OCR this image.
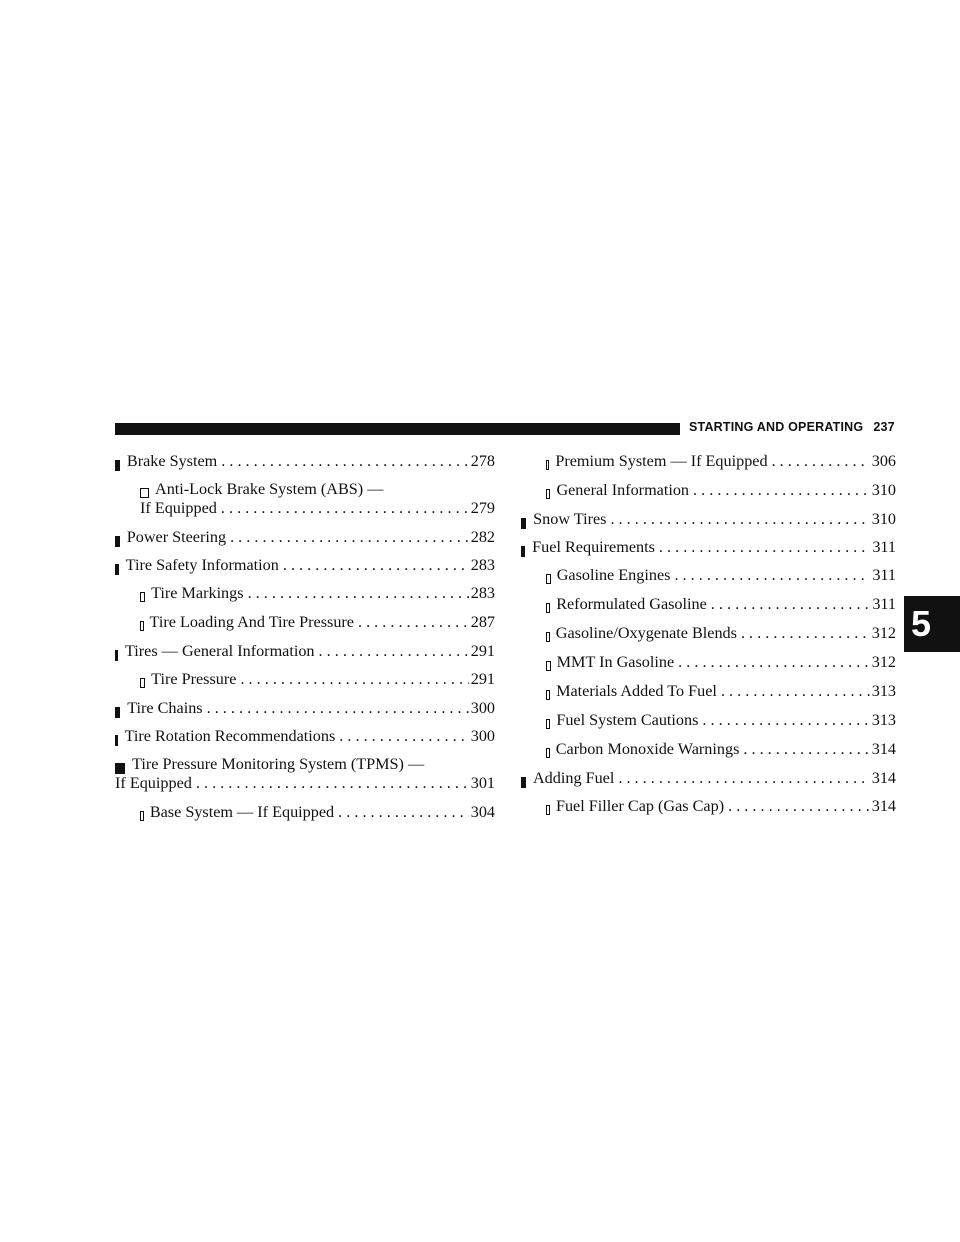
STARTING AND OPERATING 237
5
Brake System . . .	278
Anti-Lock Brake System (ABS) —
If Equipped . . .	279
Power Steering . . .	282
Tire Safety Information . . .	283
Tire Markings . . .	283
Tire Loading And Tire Pressure . . .	287
Tires — General Information . . .	291
Tire Pressure . . .	291
Tire Chains . . .	300
Tire Rotation Recommendations . . .	300
Tire Pressure Monitoring System (TPMS) —
If Equipped . . .	301
Base System — If Equipped . . .	304
Premium System — If Equipped . . .	306
General Information . . .	310
Snow Tires . . .	310
Fuel Requirements . . .	311
Gasoline Engines . . .	311
Reformulated Gasoline . . .	311
Gasoline/Oxygenate Blends . . .	312
MMT In Gasoline . . .	312
Materials Added To Fuel . . .	313
Fuel System Cautions . . .	313
Carbon Monoxide Warnings . . .	314
Adding Fuel . . .	314
Fuel Filler Cap (Gas Cap) . . .	314
